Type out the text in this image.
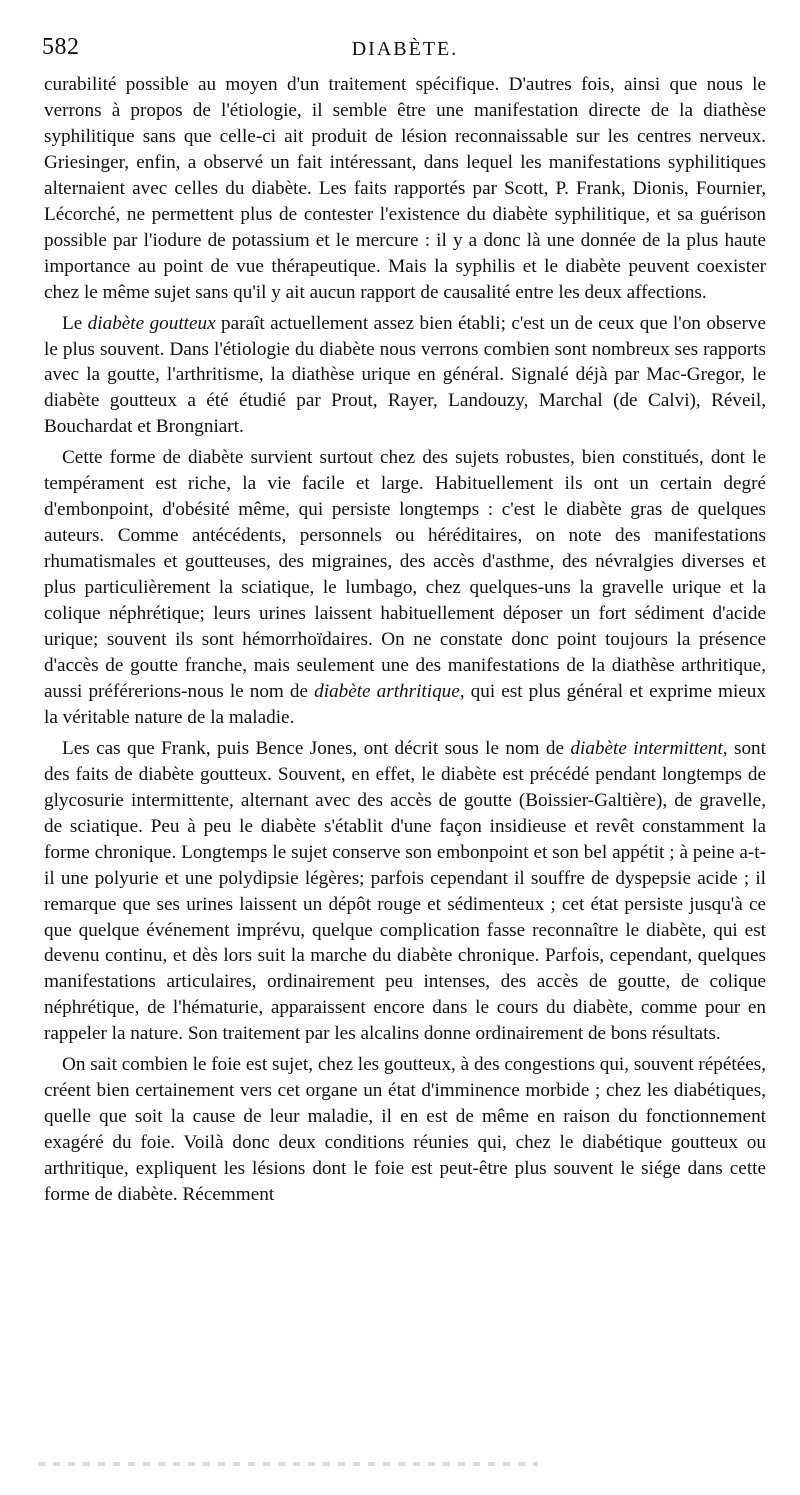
582	DIABÈTE.

curabilité possible au moyen d'un traitement spécifique. D'autres fois, ainsi que nous le verrons à propos de l'étiologie, il semble être une manifestation directe de la diathèse syphilitique sans que celle-ci ait produit de lésion reconnaissable sur les centres nerveux. Griesinger, enfin, a observé un fait intéressant, dans lequel les manifestations syphilitiques alternaient avec celles du diabète. Les faits rapportés par Scott, P. Frank, Dionis, Fournier, Lécorché, ne permettent plus de contester l'existence du diabète syphilitique, et sa guérison possible par l'iodure de potassium et le mercure : il y a donc là une donnée de la plus haute importance au point de vue thérapeutique. Mais la syphilis et le diabète peuvent coexister chez le même sujet sans qu'il y ait aucun rapport de causalité entre les deux affections.

Le diabète goutteux paraît actuellement assez bien établi; c'est un de ceux que l'on observe le plus souvent. Dans l'étiologie du diabète nous verrons combien sont nombreux ses rapports avec la goutte, l'arthritisme, la diathèse urique en général. Signalé déjà par Mac-Gregor, le diabète goutteux a été étudié par Prout, Rayer, Landouzy, Marchal (de Calvi), Réveil, Bouchardat et Brongniart.

Cette forme de diabète survient surtout chez des sujets robustes, bien constitués, dont le tempérament est riche, la vie facile et large. Habituellement ils ont un certain degré d'embonpoint, d'obésité même, qui persiste longtemps : c'est le diabète gras de quelques auteurs. Comme antécédents, personnels ou héréditaires, on note des manifestations rhumatismales et goutteuses, des migraines, des accès d'asthme, des névralgies diverses et plus particulièrement la sciatique, le lumbago, chez quelques-uns la gravelle urique et la colique néphrétique; leurs urines laissent habituellement déposer un fort sédiment d'acide urique; souvent ils sont hémorrhoïdaires. On ne constate donc point toujours la présence d'accès de goutte franche, mais seulement une des manifestations de la diathèse arthritique, aussi préférerions-nous le nom de diabète arthritique, qui est plus général et exprime mieux la véritable nature de la maladie.

Les cas que Frank, puis Bence Jones, ont décrit sous le nom de diabète intermittent, sont des faits de diabète goutteux. Souvent, en effet, le diabète est précédé pendant longtemps de glycosurie intermittente, alternant avec des accès de goutte (Boissier-Galtière), de gravelle, de sciatique. Peu à peu le diabète s'établit d'une façon insidieuse et revêt constamment la forme chronique. Longtemps le sujet conserve son embonpoint et son bel appétit ; à peine a-t-il une polyurie et une polydipsie légères; parfois cependant il souffre de dyspepsie acide ; il remarque que ses urines laissent un dépôt rouge et sédimenteux ; cet état persiste jusqu'à ce que quelque événement imprévu, quelque complication fasse reconnaître le diabète, qui est devenu continu, et dès lors suit la marche du diabète chronique. Parfois, cependant, quelques manifestations articulaires, ordinairement peu intenses, des accès de goutte, de colique néphrétique, de l'hématurie, apparaissent encore dans le cours du diabète, comme pour en rappeler la nature. Son traitement par les alcalins donne ordinairement de bons résultats.

On sait combien le foie est sujet, chez les goutteux, à des congestions qui, souvent répétées, créent bien certainement vers cet organe un état d'imminence morbide ; chez les diabétiques, quelle que soit la cause de leur maladie, il en est de même en raison du fonctionnement exagéré du foie. Voilà donc deux conditions réunies qui, chez le diabétique goutteux ou arthritique, expliquent les lésions dont le foie est peut-être plus souvent le siége dans cette forme de diabète. Récemment
